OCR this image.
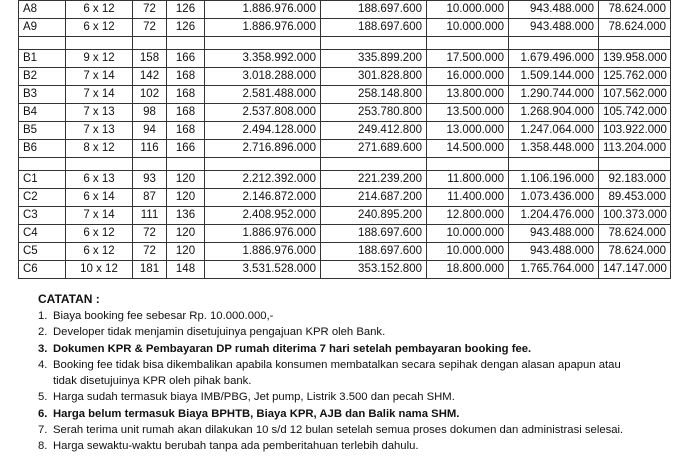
A8	6 x 12	72	126	1.886.976.000	188.697.600	10.000.000	943.488.000	78.624.000
A9	6 x 12	72	126	1.886.976.000	188.697.600	10.000.000	943.488.000	78.624.000

B1	9 x 12	158	166	3.358.992.000	335.899.200	17.500.000	1.679.496.000	139.958.000
B2	7 x 14	142	168	3.018.288.000	301.828.800	16.000.000	1.509.144.000	125.762.000
B3	7 x 14	102	168	2.581.488.000	258.148.800	13.800.000	1.290.744.000	107.562.000
B4	7 x 13	98	168	2.537.808.000	253.780.800	13.500.000	1.268.904.000	105.742.000
B5	7 x 13	94	168	2.494.128.000	249.412.800	13.000.000	1.247.064.000	103.922.000
B6	8 x 12	116	166	2.716.896.000	271.689.600	14.500.000	1.358.448.000	113.204.000

C1	6 x 13	93	120	2.212.392.000	221.239.200	11.800.000	1.106.196.000	92.183.000
C2	6 x 14	87	120	2.146.872.000	214.687.200	11.400.000	1.073.436.000	89.453.000
C3	7 x 14	111	136	2.408.952.000	240.895.200	12.800.000	1.204.476.000	100.373.000
C4	6 x 12	72	120	1.886.976.000	188.697.600	10.000.000	943.488.000	78.624.000
C5	6 x 12	72	120	1.886.976.000	188.697.600	10.000.000	943.488.000	78.624.000
C6	10 x 12	181	148	3.531.528.000	353.152.800	18.800.000	1.765.764.000	147.147.000
CATATAN :
1. Biaya booking fee sebesar Rp. 10.000.000,-
2. Developer tidak menjamin disetujuinya pengajuan KPR oleh Bank.
3. Dokumen KPR & Pembayaran DP rumah diterima 7 hari setelah pembayaran booking fee.
4. Booking fee tidak bisa dikembalikan apabila konsumen membatalkan secara sepihak dengan alasan apapun atau
tidak disetujuinya KPR oleh pihak bank.
5. Harga sudah termasuk biaya IMB/PBG, Jet pump, Listrik 3.500 dan pecah SHM.
6. Harga belum termasuk Biaya BPHTB, Biaya KPR, AJB dan Balik nama SHM.
7. Serah terima unit rumah akan dilakukan 10 s/d 12 bulan setelah semua proses dokumen dan administrasi selesai.
8. Harga sewaktu-waktu berubah tanpa ada pemberitahuan terlebih dahulu.
